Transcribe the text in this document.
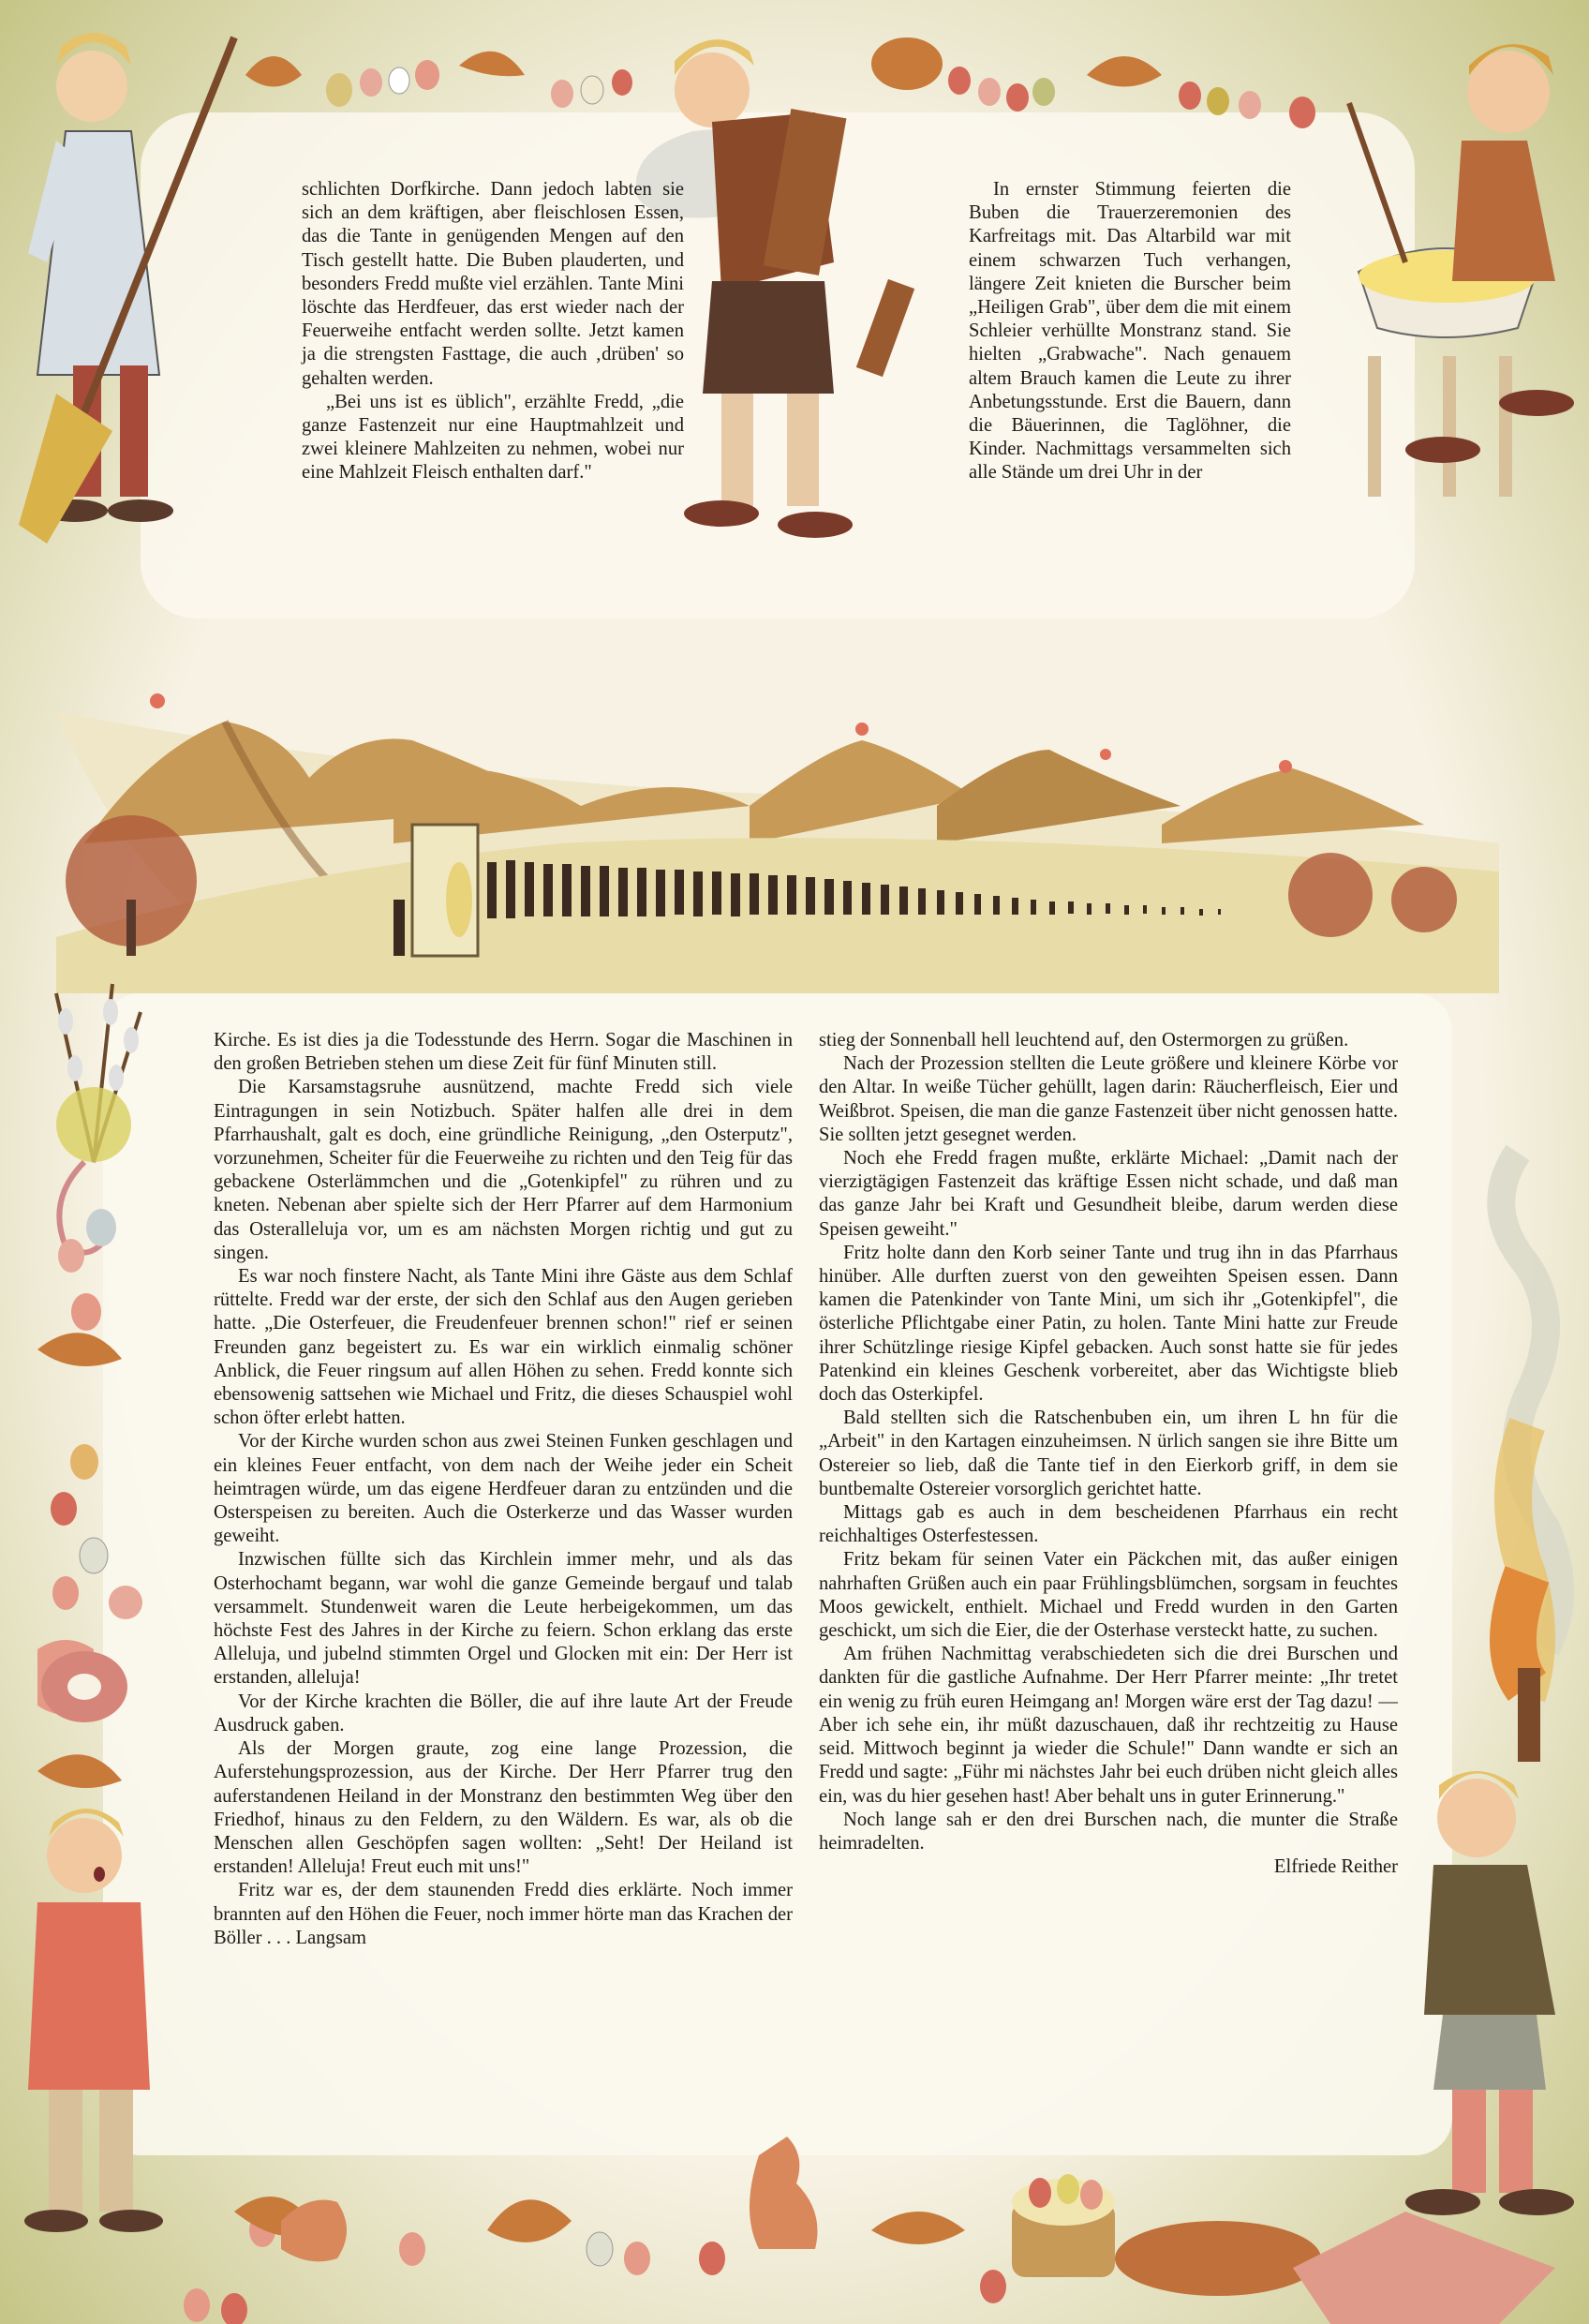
schlichten Dorfkirche. Dann jedoch labten sie sich an dem kräftigen, aber fleischlosen Essen, das die Tante in genügenden Mengen auf den Tisch gestellt hatte. Die Buben plauderten, und besonders Fredd mußte viel erzählen. Tante Mini löschte das Herdfeuer, das erst wieder nach der Feuerweihe entfacht werden sollte. Jetzt kamen ja die strengsten Fasttage, die auch ‚drüben' so gehalten werden.

„Bei uns ist es üblich", erzählte Fredd, „die ganze Fastenzeit nur eine Hauptmahlzeit und zwei kleinere Mahlzeiten zu nehmen, wobei nur eine Mahlzeit Fleisch enthalten darf."

In ernster Stimmung feierten die Buben die Trauerzeremonien des Karfreitags mit. Das Altarbild war mit einem schwarzen Tuch verhangen, längere Zeit knieten die Burscher beim „Heiligen Grab", über dem die mit einem Schleier verhüllte Monstranz stand. Sie hielten „Grabwache". Nach genauem altem Brauch kamen die Leute zu ihrer Anbetungsstunde. Erst die Bauern, dann die Bäuerinnen, die Taglöhner, die Kinder. Nachmittags versammelten sich alle Stände um drei Uhr in der

Kirche. Es ist dies ja die Todesstunde des Herrn. Sogar die Maschinen in den großen Betrieben stehen um diese Zeit für fünf Minuten still.

Die Karsamstagsruhe ausnützend, machte Fredd sich viele Eintragungen in sein Notizbuch. Später halfen alle drei in dem Pfarrhaushalt, galt es doch, eine gründliche Reinigung, „den Osterputz", vorzunehmen, Scheiter für die Feuerweihe zu richten und den Teig für das gebackene Osterlämmchen und die „Gotenkipfel" zu rühren und zu kneten. Nebenan aber spielte sich der Herr Pfarrer auf dem Harmonium das Osteralleluja vor, um es am nächsten Morgen richtig und gut zu singen.

Es war noch finstere Nacht, als Tante Mini ihre Gäste aus dem Schlaf rüttelte. Fredd war der erste, der sich den Schlaf aus den Augen gerieben hatte. „Die Osterfeuer, die Freudenfeuer brennen schon!" rief er seinen Freunden ganz begeistert zu. Es war ein wirklich einmalig schöner Anblick, die Feuer ringsum auf allen Höhen zu sehen. Fredd konnte sich ebensowenig sattsehen wie Michael und Fritz, die dieses Schauspiel wohl schon öfter erlebt hatten.

Vor der Kirche wurden schon aus zwei Steinen Funken geschlagen und ein kleines Feuer entfacht, von dem nach der Weihe jeder ein Scheit heimtragen würde, um das eigene Herdfeuer daran zu entzünden und die Osterspeisen zu bereiten. Auch die Osterkerze und das Wasser wurden geweiht.

Inzwischen füllte sich das Kirchlein immer mehr, und als das Osterhochamt begann, war wohl die ganze Gemeinde bergauf und talab versammelt. Stundenweit waren die Leute herbeigekommen, um das höchste Fest des Jahres in der Kirche zu feiern. Schon erklang das erste Alleluja, und jubelnd stimmten Orgel und Glocken mit ein: Der Herr ist erstanden, alleluja!

Vor der Kirche krachten die Böller, die auf ihre laute Art der Freude Ausdruck gaben.

Als der Morgen graute, zog eine lange Prozession, die Auferstehungsprozession, aus der Kirche. Der Herr Pfarrer trug den auferstandenen Heiland in der Monstranz den bestimmten Weg über den Friedhof, hinaus zu den Feldern, zu den Wäldern. Es war, als ob die Menschen allen Geschöpfen sagen wollten: „Seht! Der Heiland ist erstanden! Alleluja! Freut euch mit uns!"

Fritz war es, der dem staunenden Fredd dies erklärte. Noch immer brannten auf den Höhen die Feuer, noch immer hörte man das Krachen der Böller . . . Langsam

stieg der Sonnenball hell leuchtend auf, den Ostermorgen zu grüßen.

Nach der Prozession stellten die Leute größere und kleinere Körbe vor den Altar. In weiße Tücher gehüllt, lagen darin: Räucherfleisch, Eier und Weißbrot. Speisen, die man die ganze Fastenzeit über nicht genossen hatte. Sie sollten jetzt gesegnet werden.

Noch ehe Fredd fragen mußte, erklärte Michael: „Damit nach der vierzigtägigen Fastenzeit das kräftige Essen nicht schade, und daß man das ganze Jahr bei Kraft und Gesundheit bleibe, darum werden diese Speisen geweiht."

Fritz holte dann den Korb seiner Tante und trug ihn in das Pfarrhaus hinüber. Alle durften zuerst von den geweihten Speisen essen. Dann kamen die Patenkinder von Tante Mini, um sich ihr „Gotenkipfel", die österliche Pflichtgabe einer Patin, zu holen. Tante Mini hatte zur Freude ihrer Schützlinge riesige Kipfel gebacken. Auch sonst hatte sie für jedes Patenkind ein kleines Geschenk vorbereitet, aber das Wichtigste blieb doch das Osterkipfel.

Bald stellten sich die Ratschenbuben ein, um ihren L hn für die „Arbeit" in den Kartagen einzuheimsen. N ürlich sangen sie ihre Bitte um Ostereier so lieb, daß die Tante tief in den Eierkorb griff, in dem sie buntbemalte Ostereier vorsorglich gerichtet hatte.

Mittags gab es auch in dem bescheidenen Pfarrhaus ein recht reichhaltiges Osterfestessen.

Fritz bekam für seinen Vater ein Päckchen mit, das außer einigen nahrhaften Grüßen auch ein paar Frühlingsblümchen, sorgsam in feuchtes Moos gewickelt, enthielt. Michael und Fredd wurden in den Garten geschickt, um sich die Eier, die der Osterhase versteckt hatte, zu suchen.

Am frühen Nachmittag verabschiedeten sich die drei Burschen und dankten für die gastliche Aufnahme. Der Herr Pfarrer meinte: „Ihr tretet ein wenig zu früh euren Heimgang an! Morgen wäre erst der Tag dazu! — Aber ich sehe ein, ihr müßt dazuschauen, daß ihr rechtzeitig zu Hause seid. Mittwoch beginnt ja wieder die Schule!" Dann wandte er sich an Fredd und sagte: „Führ mi nächstes Jahr bei euch drüben nicht gleich alles ein, was du hier gesehen hast! Aber behalt uns in guter Erinnerung."

Noch lange sah er den drei Burschen nach, die munter die Straße heimradelten.

Elfriede Reither
